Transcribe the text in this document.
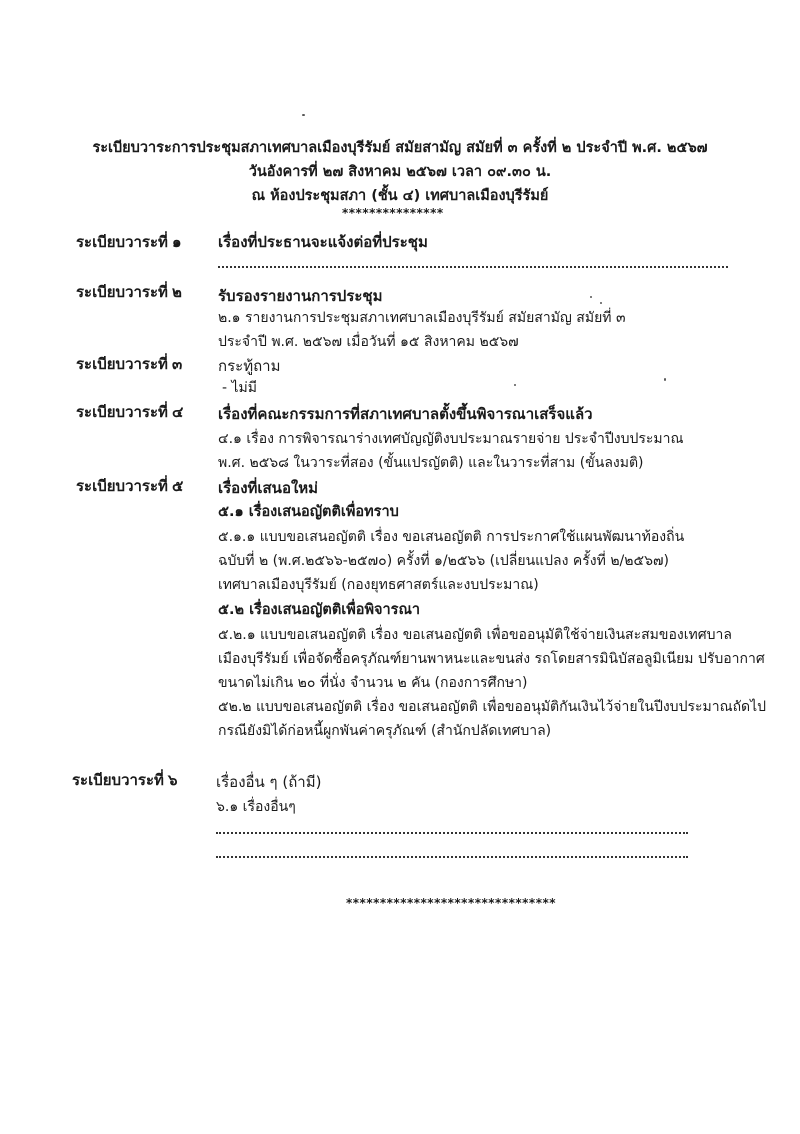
ระเบียบวาระการประชุมสภาเทศบาลเมืองบุรีรัมย์ สมัยสามัญ สมัยที่ ๓ ครั้งที่ ๒ ประจำปี พ.ศ. ๒๕๖๗
วันอังคารที่ ๒๗ สิงหาคม ๒๕๖๗ เวลา ๐๙.๓๐ น.
ณ ห้องประชุมสภา (ชั้น ๔) เทศบาลเมืองบุรีรัมย์
***************
ระเบียบวาระที่ ๑ เรื่องที่ประธานจะแจ้งต่อที่ประชุม
ระเบียบวาระที่ ๒ รับรองรายงานการประชุม
๒.๑ รายงานการประชุมสภาเทศบาลเมืองบุรีรัมย์ สมัยสามัญ สมัยที่ ๓
ประจำปี พ.ศ. ๒๕๖๗ เมื่อวันที่ ๑๕ สิงหาคม ๒๕๖๗
ระเบียบวาระที่ ๓ กระทู้ถาม
- ไม่มี
ระเบียบวาระที่ ๔ เรื่องที่คณะกรรมการที่สภาเทศบาลตั้งขึ้นพิจารณาเสร็จแล้ว
๔.๑ เรื่อง การพิจารณาร่างเทศบัญญัติงบประมาณรายจ่าย ประจำปีงบประมาณ
พ.ศ. ๒๕๖๘ ในวาระที่สอง (ขั้นแปรญัตติ) และในวาระที่สาม (ขั้นลงมติ)
ระเบียบวาระที่ ๕ เรื่องที่เสนอใหม่
๕.๑ เรื่องเสนอญัตติเพื่อทราบ
๕.๑.๑ แบบขอเสนอญัตติ เรื่อง ขอเสนอญัตติ การประกาศใช้แผนพัฒนาท้องถิ่น
ฉบับที่ ๒ (พ.ศ.๒๕๖๖-๒๕๗๐) ครั้งที่ ๑/๒๕๖๖ (เปลี่ยนแปลง ครั้งที่ ๒/๒๕๖๗)
เทศบาลเมืองบุรีรัมย์ (กองยุทธศาสตร์และงบประมาณ)
๕.๒ เรื่องเสนอญัตติเพื่อพิจารณา
๕.๒.๑ แบบขอเสนอญัตติ เรื่อง ขอเสนอญัตติ เพื่อขออนุมัติใช้จ่ายเงินสะสมของเทศบาล
เมืองบุรีรัมย์ เพื่อจัดซื้อครุภัณฑ์ยานพาหนะและขนส่ง รถโดยสารมินิบัสอลูมิเนียม ปรับอากาศ
ขนาดไม่เกิน ๒๐ ที่นั่ง จำนวน ๒ คัน (กองการศึกษา)
๕๒.๒ แบบขอเสนอญัตติ เรื่อง ขอเสนอญัตติ เพื่อขออนุมัติกันเงินไว้จ่ายในปีงบประมาณถัดไป
กรณียังมิได้ก่อหนี้ผูกพันค่าครุภัณฑ์ (สำนักปลัดเทศบาล)
ระเบียบวาระที่ ๖	เรื่องอื่น ๆ (ถ้ามี)
๖.๑ เรื่องอื่นๆ
*******************************
